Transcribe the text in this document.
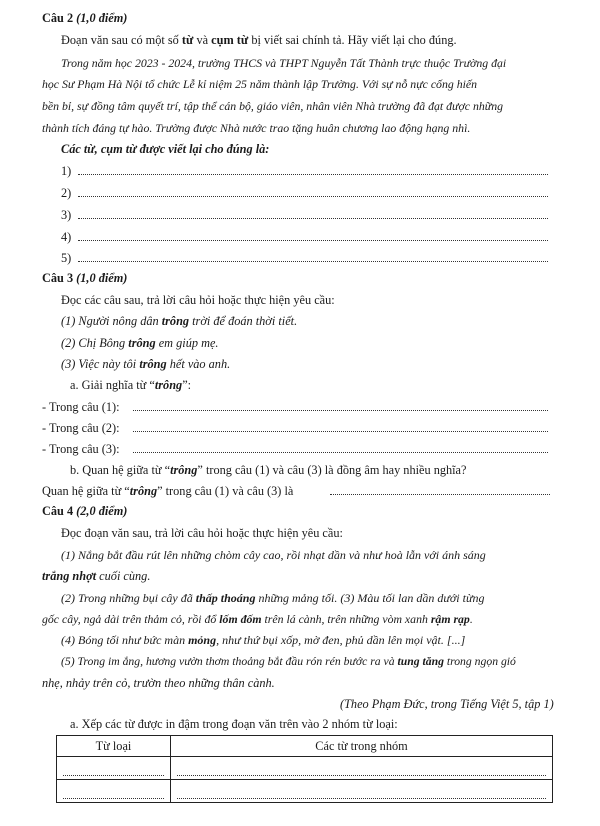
Câu 2 (1,0 điểm)
Đoạn văn sau có một số từ và cụm từ bị viết sai chính tả. Hãy viết lại cho đúng.
Trong năm học 2023 - 2024, trường THCS và THPT Nguyễn Tất Thành trực thuộc Trường đại
học Sư Phạm Hà Nội tổ chức Lễ kỉ niệm 25 năm thành lập Trường. Với sự nỗ nực cống hiến
bền bỉ, sự đồng tâm quyết trí, tập thể cán bộ, giáo viên, nhân viên Nhà trường đã đạt được những
thành tích đáng tự hào. Trường được Nhà nước trao tặng huân chương lao động hạng nhì.
Các từ, cụm từ được viết lại cho đúng là:
1)
2)
3)
4)
5)
Câu 3 (1,0 điểm)
Đọc các câu sau, trả lời câu hỏi hoặc thực hiện yêu cầu:
(1) Người nông dân trông trời để đoán thời tiết.
(2) Chị Bông trông em giúp mẹ.
(3) Việc này tôi trông hết vào anh.
a. Giải nghĩa từ “trông”:
- Trong câu (1):
- Trong câu (2):
- Trong câu (3):
b. Quan hệ giữa từ “trông” trong câu (1) và câu (3) là đồng âm hay nhiều nghĩa?
Quan hệ giữa từ “trông” trong câu (1) và câu (3) là
Câu 4 (2,0 điểm)
Đọc đoạn văn sau, trả lời câu hỏi hoặc thực hiện yêu cầu:
(1) Nắng bắt đầu rút lên những chòm cây cao, rồi nhạt dần và như hoà lẫn với ánh sáng
trắng nhợt cuối cùng.
(2) Trong những bụi cây đã thấp thoáng những mảng tối. (3) Màu tối lan dần dưới từng
gốc cây, ngả dài trên thảm cỏ, rồi đổ lốm đốm trên lá cành, trên những vòm xanh rậm rạp.
(4) Bóng tối như bức màn mỏng, như thứ bụi xốp, mờ đen, phủ dần lên mọi vật. [...]
(5) Trong im ắng, hương vườn thơm thoảng bắt đầu rón rén bước ra và tung tăng trong ngọn gió
nhẹ, nhảy trên cỏ, trườn theo những thân cành.
(Theo Phạm Đức, trong Tiếng Việt 5, tập 1)
a. Xếp các từ được in đậm trong đoạn văn trên vào 2 nhóm từ loại:
Từ loại	Các từ trong nhóm
